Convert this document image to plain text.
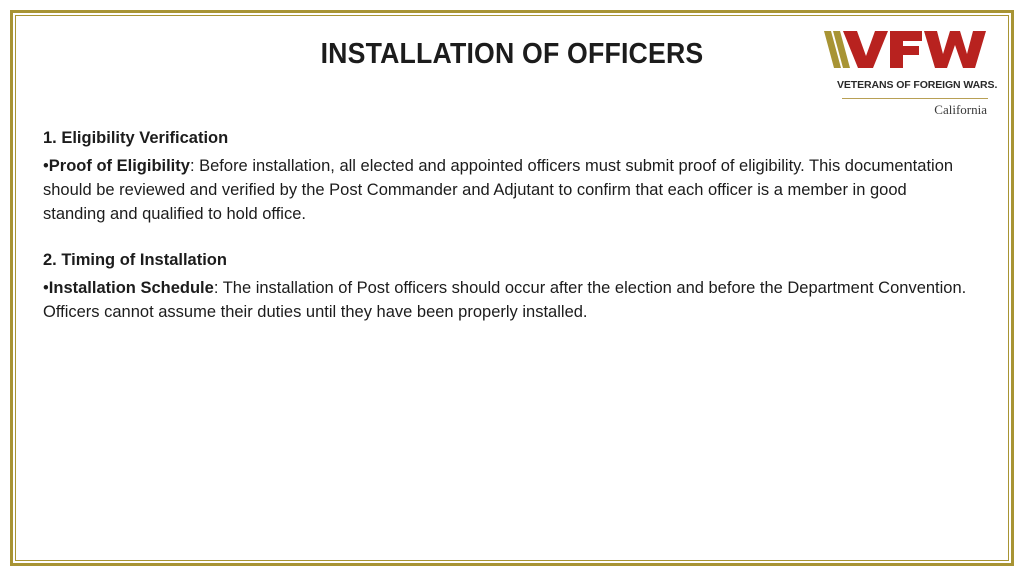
INSTALLATION OF OFFICERS
VETERANS OF FOREIGN WARS.
California
1. Eligibility Verification

•Proof of Eligibility: Before installation, all elected and appointed officers must submit proof of eligibility. This documentation should be reviewed and verified by the Post Commander and Adjutant to confirm that each officer is a member in good standing and qualified to hold office.

2. Timing of Installation

•Installation Schedule: The installation of Post officers should occur after the election and before the Department Convention. Officers cannot assume their duties until they have been properly installed.
